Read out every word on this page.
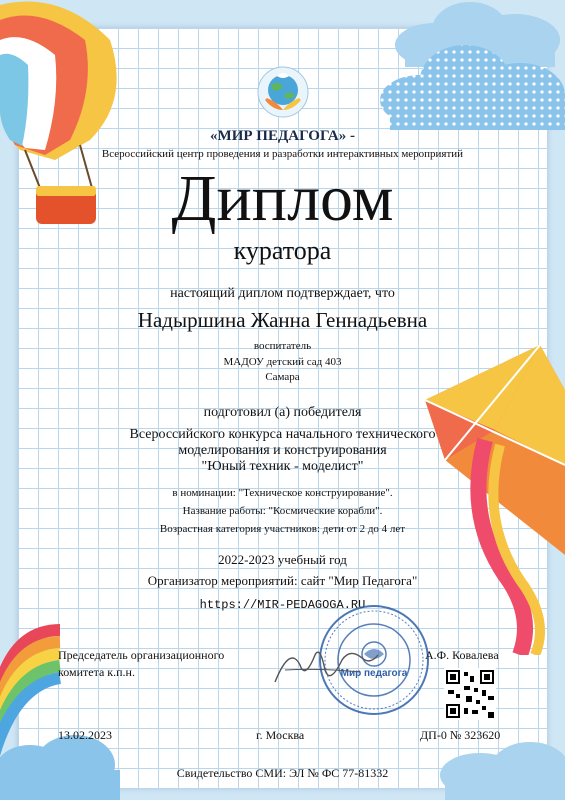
«МИР ПЕДАГОГА» -
Всероссийский центр проведения и разработки интерактивных мероприятий
Диплом
куратора
настоящий диплом подтверждает, что
Надыршина Жанна Геннадьевна
воспитатель
МАДОУ детский сад 403
Самара
подготовил (а) победителя
Всероссийского конкурса начального технического
моделирования и конструирования
"Юный техник - моделист"
в номинации: "Техническое конструирование".
Название работы: "Космические корабли".
Возрастная категория участников: дети от 2 до 4 лет
2022-2023 учебный год
Организатор мероприятий: сайт "Мир Педагога"
https://MIR-PEDAGOGA.RU
Председатель организационного
комитета к.п.н.	Мир педагога
А.Ф. Ковалева
13.02.2023	г. Москва	ДП-0 № 323620
Свидетельство СМИ: ЭЛ № ФС 77-81332
